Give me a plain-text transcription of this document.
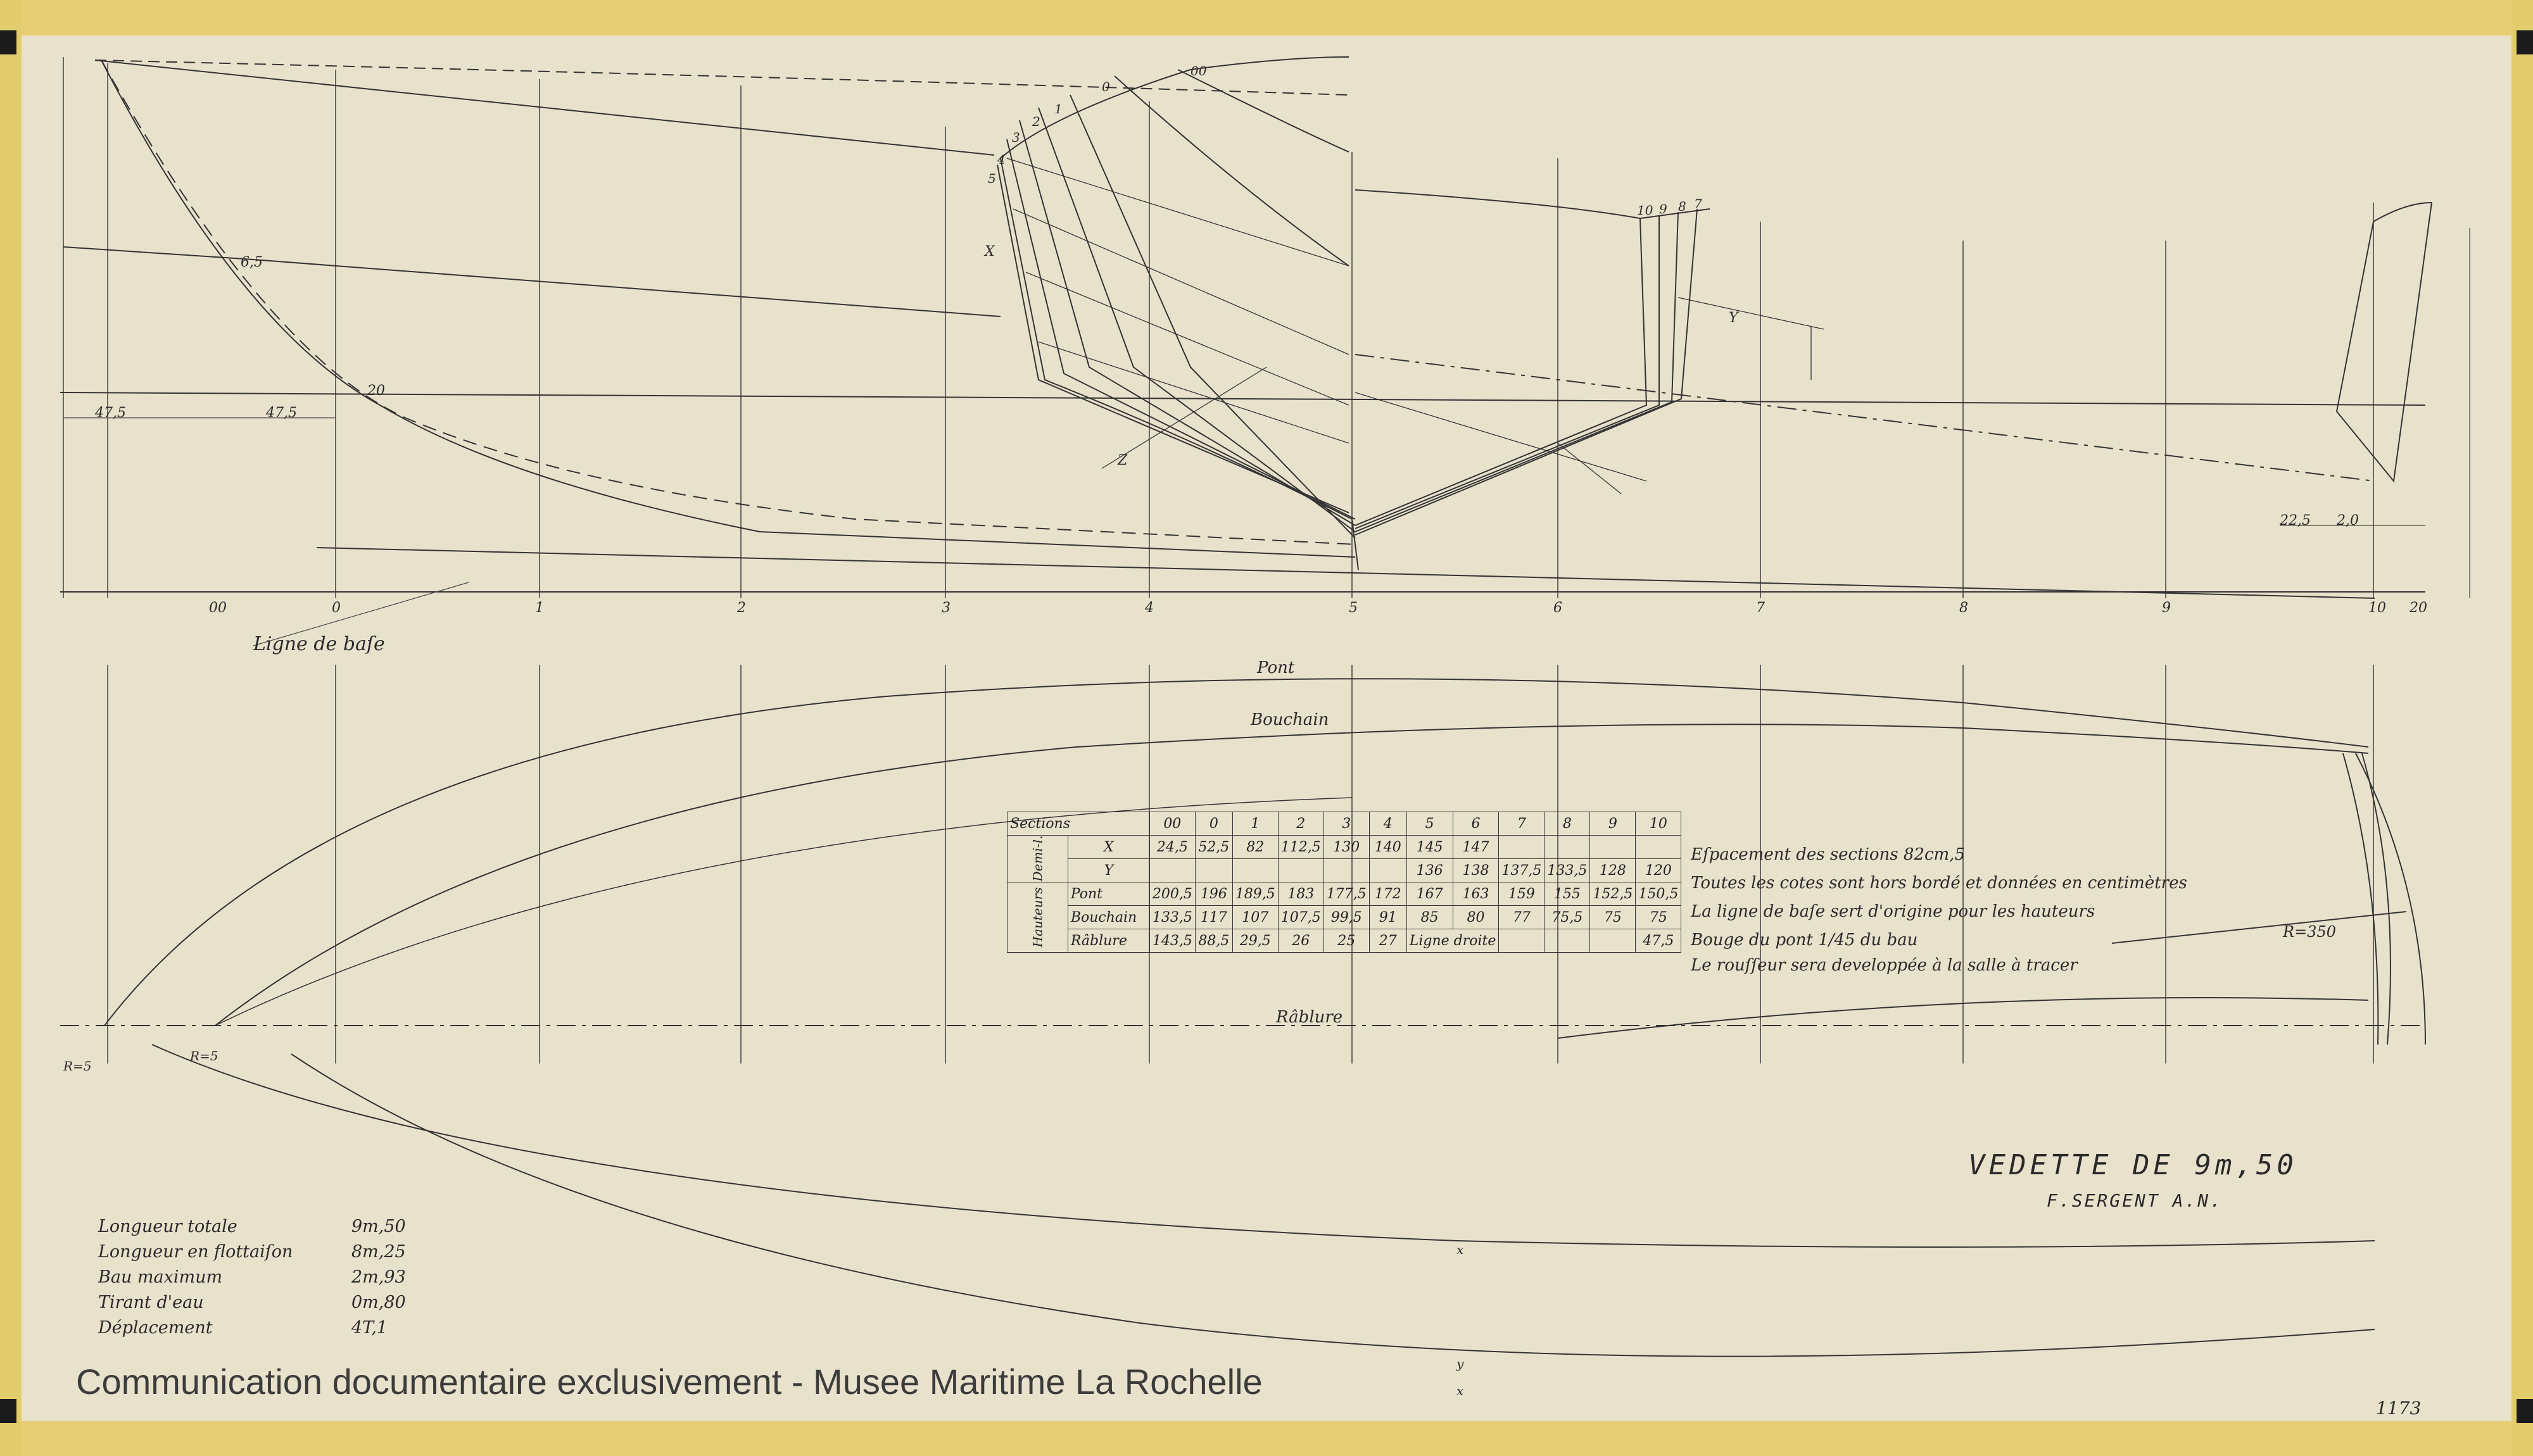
Ligne de baſe
47,5	47,5
6,5
20
22,5 2,0
00	0	1	2	3	4	5	6	7	8	9	10 20
10 9 8 7
5
4
3
2
1
0
00
X
Y
Z
Pont
Bouchain
Râblure
R=350
R=5
R=5
x
x
y
Sections		00	0	1	2	3	4	5	6	7	8	9	10
Demi-l.	X	24,5	52,5	82	112,5	130	140	145	147				
	Y							136	138	137,5	133,5	128	120
Hauteurs	Pont	200,5	196	189,5	183	177,5	172	167	163	159	155	152,5	150,5
	Bouchain	133,5	117	107	107,5	99,5	91	85	80	77	75,5	75	75
	Râblure	143,5	88,5	29,5	26	25	27	Ligne droite					47,5
Eſpacement des sections 82cm,5
Toutes les cotes sont hors bordé et données en centimètres
La ligne de baſe sert d'origine pour les hauteurs
Bouge du pont 1/45 du bau
Le rouſſeur sera developpée à la salle à tracer
VEDETTE DE 9m,50
F.SERGENT A.N.
Longueur totale	9m,50
Longueur en flottaiſon	8m,25
Bau maximum	2m,93
Tirant d'eau	0m,80
Déplacement	4T,1
Communication documentaire exclusivement - Musee Maritime La Rochelle
1173
